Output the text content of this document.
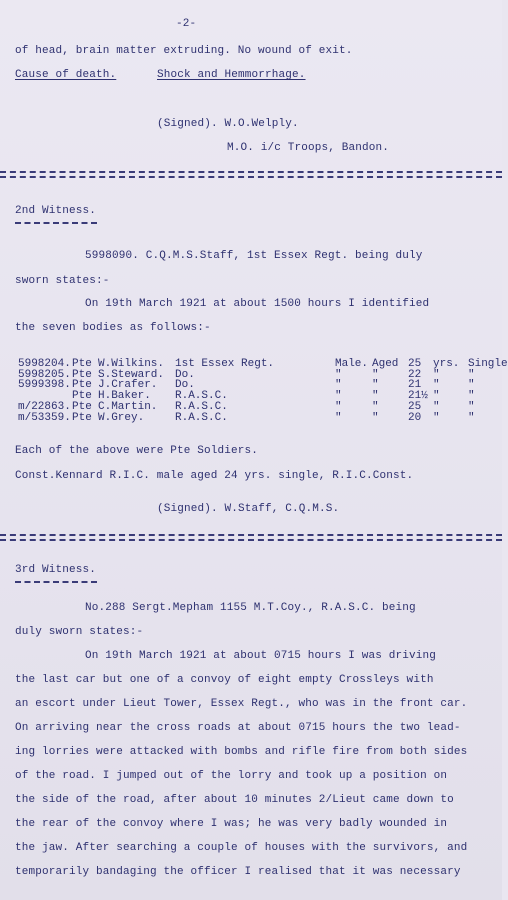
-2-
of head, brain matter extruding. No wound of exit.
Cause of death.	Shock and Hemmorrhage.
(Signed). W.O.Welply.
M.O. i/c Troops, Bandon.
2nd Witness.
5998090. C.Q.M.S.Staff, 1st Essex Regt. being duly
sworn states:-
On 19th March 1921 at about 1500 hours I identified
the seven bodies as follows:-
5998204. Pte W.Wilkins. 1st Essex Regt.	Male. Aged 25 yrs. Single
5998205. Pte S.Steward. Do.	"	"	22 "	"
5999398. Pte J.Crafer. Do.	"	"	21 "	"
Pte H.Baker. R.A.S.C.	"	"	21½ "	"
m/22863. Pte C.Martin. R.A.S.C.	"	"	25 "	"
m/53359. Pte W.Grey.	R.A.S.C.	"	"	20 "	"
Each of the above were Pte Soldiers.
Const.Kennard R.I.C. male aged 24 yrs. single, R.I.C.Const.
(Signed). W.Staff, C.Q.M.S.
3rd Witness.
No.288 Sergt.Mepham 1155 M.T.Coy., R.A.S.C. being
duly sworn states:-
On 19th March 1921 at about 0715 hours I was driving
the last car but one of a convoy of eight empty Crossleys with
an escort under Lieut Tower, Essex Regt., who was in the front car.
On arriving near the cross roads at about 0715 hours the two lead-
ing lorries were attacked with bombs and rifle fire from both sides
of the road. I jumped out of the lorry and took up a position on
the side of the road, after about 10 minutes 2/Lieut came down to
the rear of the convoy where I was; he was very badly wounded in
the jaw. After searching a couple of houses with the survivors, and
temporarily bandaging the officer I realised that it was necessary
